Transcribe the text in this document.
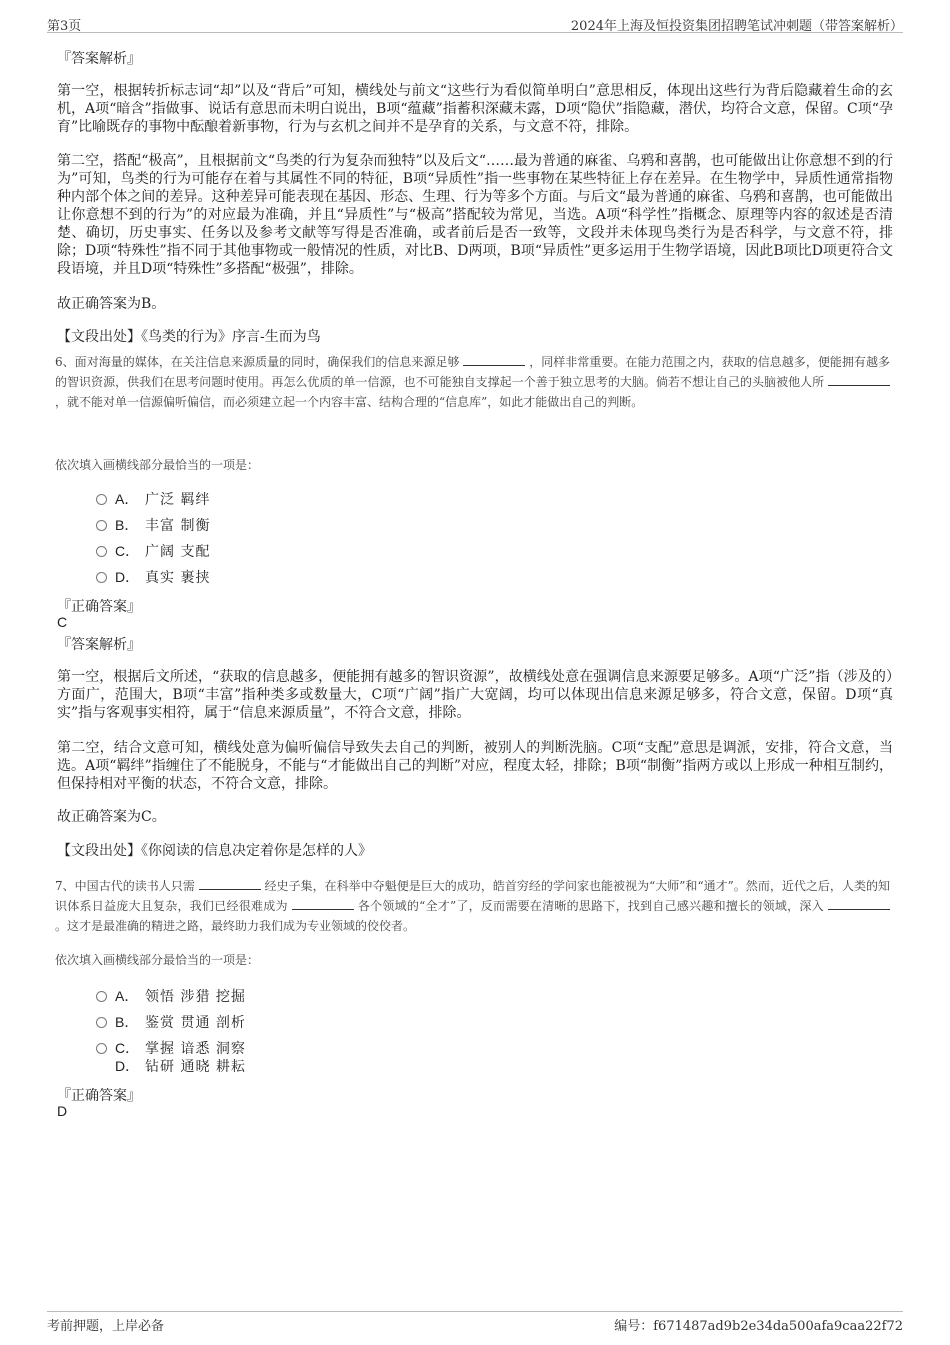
第3页	2024年上海及恒投资集团招聘笔试冲刺题（带答案解析）
『答案解析』
第一空，根据转折标志词“却”以及“背后”可知，横线处与前文“这些行为看似简单明白”意思相反，体现出这些行为背后隐藏着生命的玄机，A项“暗含”指做事、说话有意思而未明白说出，B项“蕴藏”指蓄积深藏未露，D项“隐伏”指隐藏，潜伏，均符合文意，保留。C项“孕育”比喻既存的事物中酝酿着新事物，行为与玄机之间并不是孕育的关系，与文意不符，排除。
第二空，搭配“极高”，且根据前文“鸟类的行为复杂而独特”以及后文“……最为普通的麻雀、乌鸦和喜鹊，也可能做出让你意想不到的行为”可知，鸟类的行为可能存在着与其属性不同的特征，B项“异质性”指一些事物在某些特征上存在差异。在生物学中，异质性通常指物种内部个体之间的差异。这种差异可能表现在基因、形态、生理、行为等多个方面。与后文“最为普通的麻雀、乌鸦和喜鹊，也可能做出让你意想不到的行为”的对应最为准确，并且“异质性”与“极高”搭配较为常见，当选。A项“科学性”指概念、原理等内容的叙述是否清楚、确切，历史事实、任务以及参考文献等写得是否准确，或者前后是否一致等，文段并未体现鸟类行为是否科学，与文意不符，排除；D项“特殊性”指不同于其他事物或一般情况的性质，对比B、D两项，B项“异质性”更多运用于生物学语境，因此B项比D项更符合文段语境，并且D项“特殊性”多搭配“极强”，排除。
故正确答案为B。
【文段出处】《鸟类的行为》序言-生而为鸟
6、面对海量的媒体，在关注信息来源质量的同时，确保我们的信息来源足够	，同样非常重要。在能力范围之内，获取的信息越多，便能拥有越多的智识资源，供我们在思考问题时使用。再怎么优质的单一信源，也不可能独自支撑起一个善于独立思考的大脑。倘若不想让自己的头脑被他人所  ，就不能对单一信源偏听偏信，而必须建立起一个内容丰富、结构合理的“信息库”，如此才能做出自己的判断。
依次填入画横线部分最恰当的一项是：
A． 广泛 羁绊
B． 丰富 制衡
C． 广阔 支配
D． 真实 裹挟
『正确答案』
C
『答案解析』
第一空，根据后文所述，“获取的信息越多，便能拥有越多的智识资源”，故横线处意在强调信息来源要足够多。A项“广泛”指（涉及的）方面广，范围大，B项“丰富”指种类多或数量大，C项“广阔”指广大宽阔，均可以体现出信息来源足够多，符合文意，保留。D项“真实”指与客观事实相符，属于“信息来源质量”，不符合文意，排除。
第二空，结合文意可知，横线处意为偏听偏信导致失去自己的判断，被别人的判断洗脑。C项“支配”意思是调派，安排，符合文意，当选。A项“羁绊”指缠住了不能脱身，不能与“才能做出自己的判断”对应，程度太轻，排除；B项“制衡”指两方或以上形成一种相互制约，但保持相对平衡的状态，不符合文意，排除。
故正确答案为C。
【文段出处】《你阅读的信息决定着你是怎样的人》
7、中国古代的读书人只需	经史子集，在科举中夺魁便是巨大的成功，皓首穷经的学问家也能被视为“大师”和“通才”。然而，近代之后，人类的知识体系日益庞大且复杂，我们已经很难成为	各个领域的“全才”了，反而需要在清晰的思路下，找到自己感兴趣和擅长的领域，深入  。这才是最准确的精进之路，最终助力我们成为专业领域的佼佼者。
依次填入画横线部分最恰当的一项是：
A． 领悟 涉猎 挖掘
B． 鉴赏 贯通 剖析
C． 掌握 谙悉 洞察
D． 钻研 通晓 耕耘
『正确答案』
D
考前押题，上岸必备	编号：f671487ad9b2e34da500afa9caa22f72
